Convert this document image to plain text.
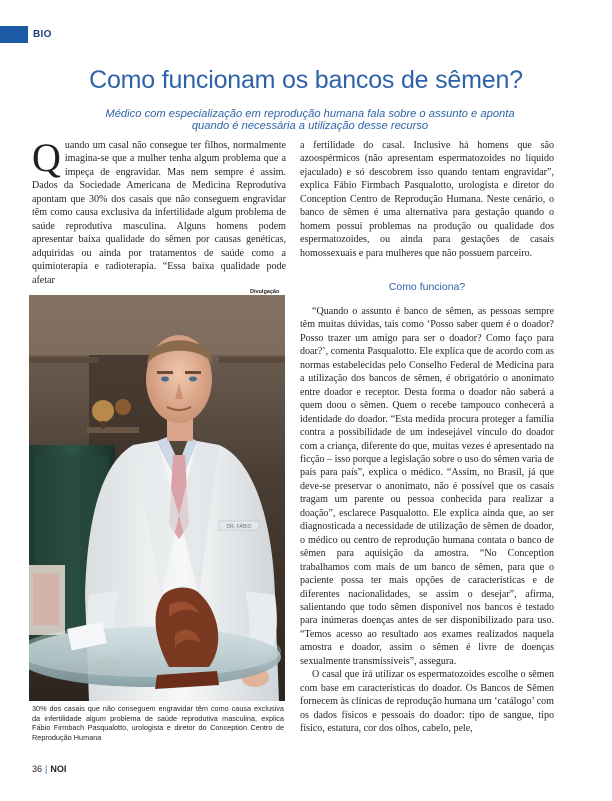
BIO
Como funcionam os bancos de sêmen?

Médico com especialização em reprodução humana fala sobre o assunto e aponta quando é necessária a utilização desse recurso

Quando um casal não consegue ter filhos, normalmente imagina-se que a mulher tenha algum problema que a impeça de engravidar. Mas nem sempre é assim. Dados da Sociedade Americana de Medicina Reprodutiva apontam que 30% dos casais que não conseguem engravidar têm como causa exclusiva da infertilidade algum problema de saúde reprodutiva masculina. Alguns homens podem apresentar baixa qualidade do sêmen por causas genéticas, adquiridas ou ainda por tratamentos de saúde como a quimioterapia e radioterapia. “Essa baixa qualidade pode afetar

a fertilidade do casal. Inclusive há homens que são azoospérmicos (não apresentam espermatozoides no líquido ejaculado) e só descobrem isso quando tentam engravidar”, explica Fábio Firmbach Pasqualotto, urologista e diretor do Conception Centro de Reprodução Humana. Neste cenário, o banco de sêmen é uma alternativa para gestação quando o homem possui problemas na produção ou qualidade dos espermatozoides, ou ainda para gestações de casais homossexuais e para mulheres que não possuem parceiro.

Como funciona?

“Quando o assunto é banco de sêmen, as pessoas sempre têm muitas dúvidas, tais como ‘Posso saber quem é o doador? Posso trazer um amigo para ser o doador? Como faço para doar?’, comenta Pasqualotto. Ele explica que de acordo com as normas estabelecidas pelo Conselho Federal de Medicina para a utilização dos bancos de sêmen, é obrigatório o anonimato entre doador e receptor. Desta forma o doador não saberá a quem doou o sêmen. Quem o recebe tampouco conhecerá a identidade do doador. “Esta medida procura proteger a família contra a possibilidade de um indesejável vínculo do doador com a criança, diferente do que, muitas vezes é apresentado na ficção – isso porque a legislação sobre o uso do sêmen varia de país para país”, explica o médico. “Assim, no Brasil, já que deve-se preservar o anonimato, não é possível que os casais tragam um parente ou pessoa conhecida para realizar a doação”, esclarece Pasqualotto. Ele explica ainda que, ao ser diagnosticada a necessidade de utilização de sêmen de doador, o médico ou centro de reprodução humana contata o banco de sêmen para aquisição da amostra. “No Conception trabalhamos com mais de um banco de sêmen, para que o paciente possa ter mais opções de características e de diferentes nacionalidades, se assim o desejar”, afirma, salientando que todo sêmen disponível nos bancos é testado para inúmeras doenças antes de ser disponibilizado para uso. “Temos acesso ao resultado aos exames realizados naquela amostra e doador, assim o sêmen é livre de doenças sexualmente transmissíveis”, assegura.

O casal que irá utilizar os espermatozoides escolhe o sêmen com base em características do doador. Os Bancos de Sêmen fornecem às clínicas de reprodução humana um ‘catálogo’ com os dados físicos e pessoais do doador: tipo de sangue, tipo físico, estatura, cor dos olhos, cabelo, pele,

Divulgação
DR. FÁBIO
30% dos casais que não conseguem engravidar têm como causa exclusiva da infertilidade algum problema de saúde reprodutiva masculina, explica Fábio Firmbach Pasqualotto, urologista e diretor do Conception Centro de Reprodução Humana
36 | NOI
